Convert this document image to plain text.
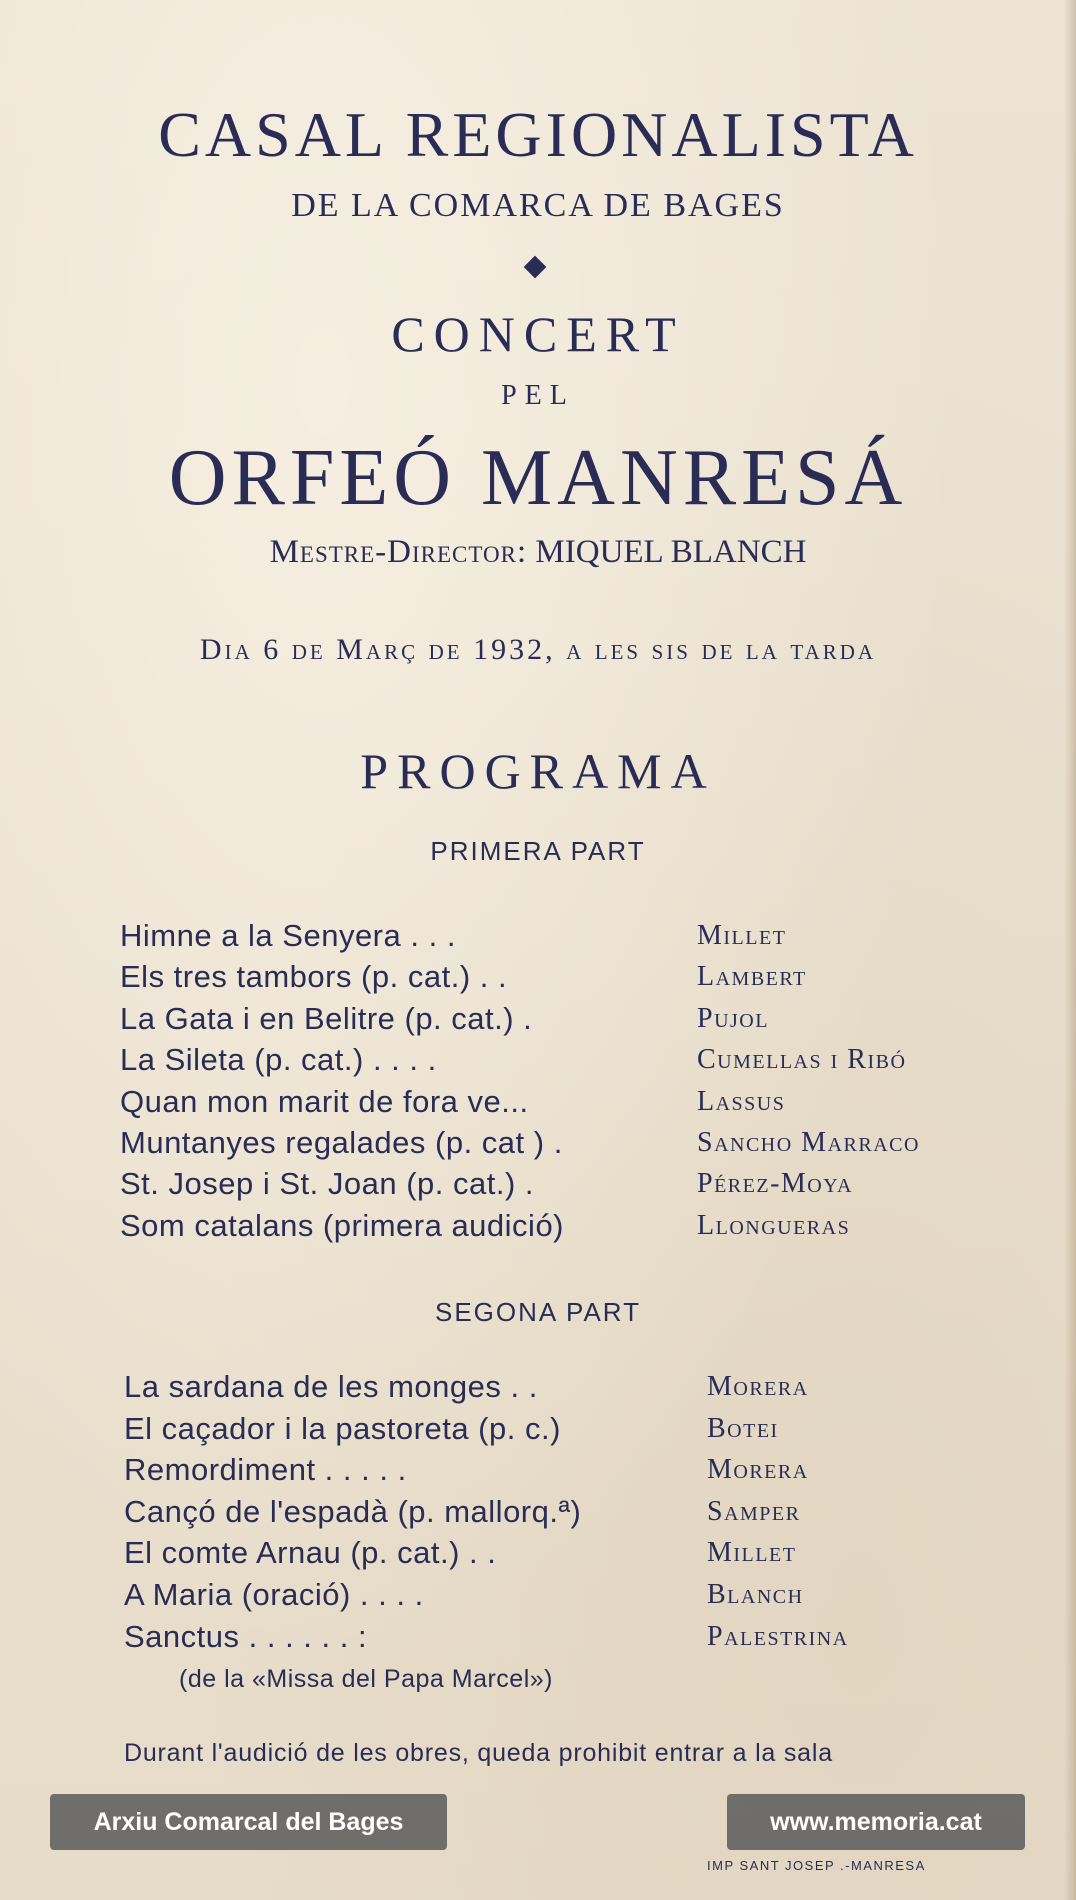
CASAL REGIONALISTA
DE LA COMARCA DE BAGES
CONCERT
PEL
ORFEÓ MANRESÁ
Mestre-Director: MIQUEL BLANCH
Dia 6 de Març de 1932, a les sis de la tarda
PROGRAMA
PRIMERA PART
Himne a la Senyera . . .	Millet
Els tres tambors (p. cat.) . .	Lambert
La Gata i en Belitre (p. cat.) .	Pujol
La Sileta (p. cat.) . . . .	Cumellas i Ribó
Quan mon marit de fora ve...	Lassus
Muntanyes regalades (p. cat ) .	Sancho Marraco
St. Josep i St. Joan (p. cat.) .	Pérez-Moya
Som catalans (primera audició)	Llongueras
SEGONA PART
La sardana de les monges . .	Morera
El caçador i la pastoreta (p. c.)	Botei
Remordiment . . . . .	Morera
Cançó de l'espadà (p. mallorq.ª)	Samper
El comte Arnau (p. cat.) . .	Millet
A Maria (oració) . . . .	Blanch
Sanctus . . . . . . :	Palestrina
(de la «Missa del Papa Marcel»)
Durant l'audició de les obres, queda prohibit entrar a la sala
IMP SANT JOSEP .-MANRESA
Arxiu Comarcal del Bages	www.memoria.cat
